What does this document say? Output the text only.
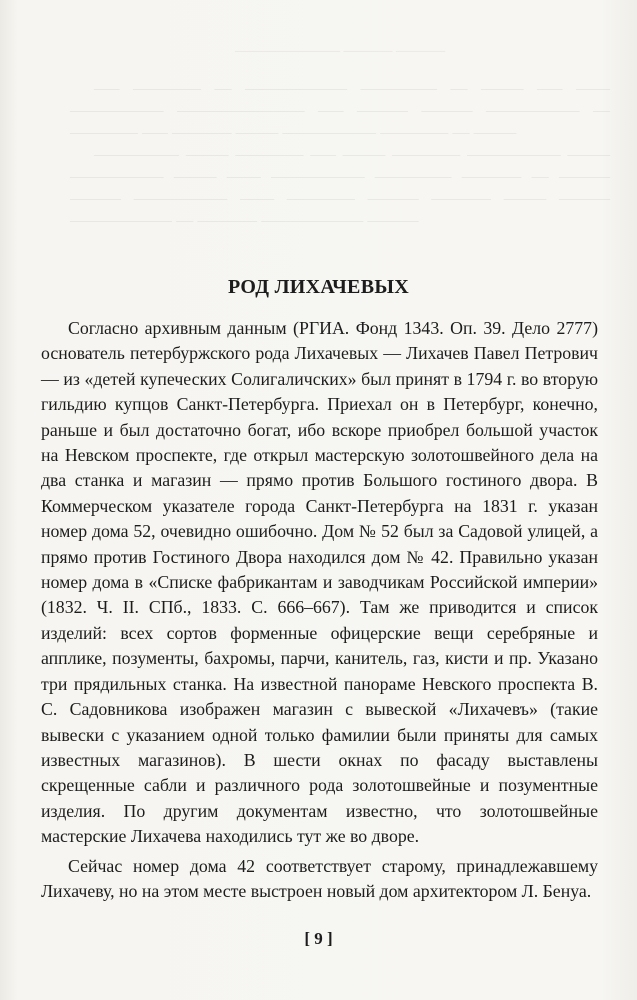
_______________ _______ _______

___ ________ __ ____________ _________ __ _____ ___ ____ ___________ _______________ ___ ______ ______ ___________ __ ________ ___ _______ _____ ___________ ________ __ _____

__________ _____ ________ ___ _____ ________ ___________ _____ ___________ _____ ____ ___________ _________ _______ __ ______ ______ ___________ ____ ________ ______ _______ _____ ______ ____________ __ _______ ____________ ______

РОД ЛИХАЧЕВЫХ

Согласно архивным данным (РГИА. Фонд 1343. Оп. 39. Дело 2777) основатель петербуржского рода Лихачевых — Лихачев Павел Петрович — из «детей купеческих Солигаличских» был принят в 1794 г. во вторую гильдию купцов Санкт-Петербурга. Приехал он в Петербург, конечно, раньше и был достаточно богат, ибо вскоре приобрел большой участок на Невском проспекте, где открыл мастерскую золотошвейного дела на два станка и магазин — прямо против Большого гостиного двора. В Коммерческом указателе города Санкт-Петербурга на 1831 г. указан номер дома 52, очевидно ошибочно. Дом № 52 был за Садовой улицей, а прямо против Гостиного Двора находился дом № 42. Правильно указан номер дома в «Списке фабрикантам и заводчикам Российской империи» (1832. Ч. II. СПб., 1833. С. 666–667). Там же приводится и список изделий: всех сортов форменные офицерские вещи серебряные и апплике, позументы, бахромы, парчи, канитель, газ, кисти и пр. Указано три прядильных станка. На известной панораме Невского проспекта В. С. Садовникова изображен магазин с вывеской «Лихачевъ» (такие вывески с указанием одной только фамилии были приняты для самых известных магазинов). В шести окнах по фасаду выставлены скрещенные сабли и различного рода золотошвейные и позументные изделия. По другим документам известно, что золотошвейные мастерские Лихачева находились тут же во дворе.

Сейчас номер дома 42 соответствует старому, принадлежавшему Лихачеву, но на этом месте выстроен новый дом архитектором Л. Бенуа.

[ 9 ]
